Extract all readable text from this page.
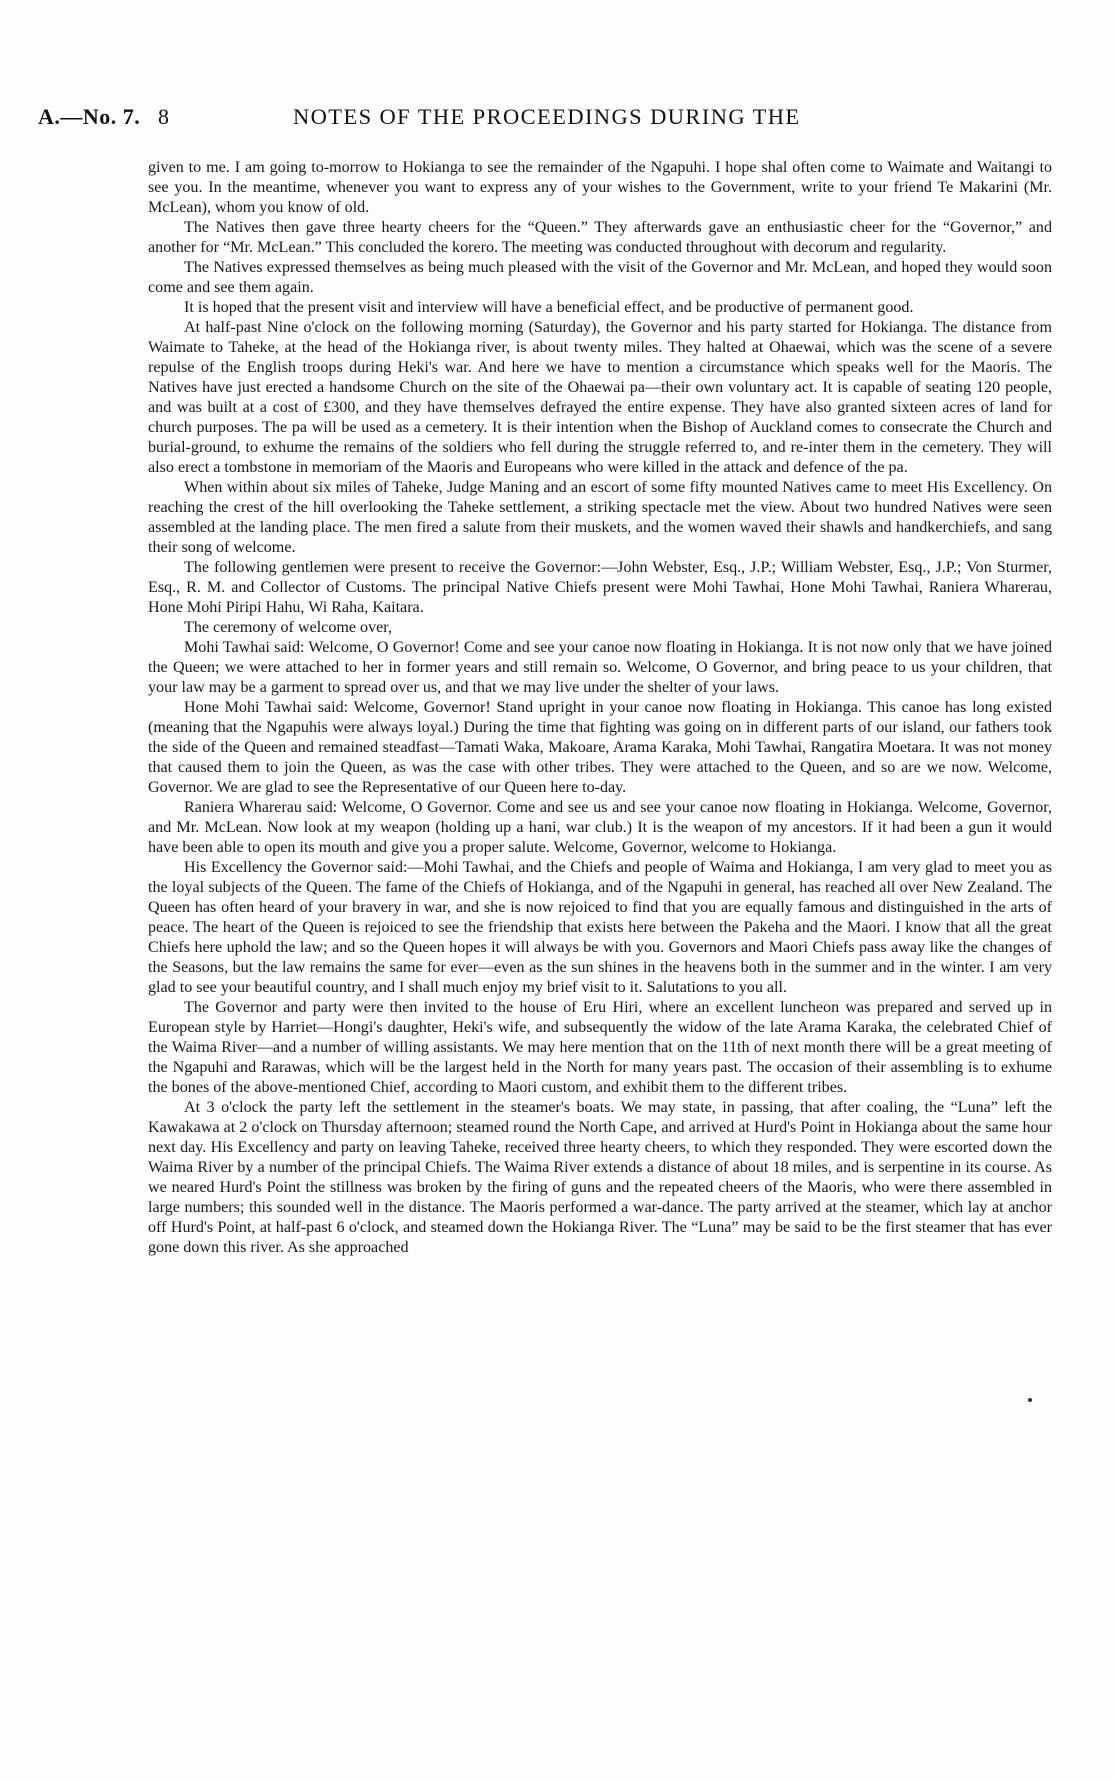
A.—No. 7. 8	NOTES OF THE PROCEEDINGS DURING THE

given to me. I am going to-morrow to Hokianga to see the remainder of the Ngapuhi. I hope shal often come to Waimate and Waitangi to see you. In the meantime, whenever you want to express any of your wishes to the Government, write to your friend Te Makarini (Mr. McLean), whom you know of old.

The Natives then gave three hearty cheers for the “Queen.” They afterwards gave an enthusiastic cheer for the “Governor,” and another for “Mr. McLean.” This concluded the korero. The meeting was conducted throughout with decorum and regularity.

The Natives expressed themselves as being much pleased with the visit of the Governor and Mr. McLean, and hoped they would soon come and see them again.

It is hoped that the present visit and interview will have a beneficial effect, and be productive of permanent good.

At half-past Nine o'clock on the following morning (Saturday), the Governor and his party started for Hokianga. The distance from Waimate to Taheke, at the head of the Hokianga river, is about twenty miles. They halted at Ohaewai, which was the scene of a severe repulse of the English troops during Heki's war. And here we have to mention a circumstance which speaks well for the Maoris. The Natives have just erected a handsome Church on the site of the Ohaewai pa—their own voluntary act. It is capable of seating 120 people, and was built at a cost of £300, and they have themselves defrayed the entire expense. They have also granted sixteen acres of land for church purposes. The pa will be used as a cemetery. It is their intention when the Bishop of Auckland comes to consecrate the Church and burial-ground, to exhume the remains of the soldiers who fell during the struggle referred to, and re-inter them in the cemetery. They will also erect a tombstone in memoriam of the Maoris and Europeans who were killed in the attack and defence of the pa.

When within about six miles of Taheke, Judge Maning and an escort of some fifty mounted Natives came to meet His Excellency. On reaching the crest of the hill overlooking the Taheke settlement, a striking spectacle met the view. About two hundred Natives were seen assembled at the landing place. The men fired a salute from their muskets, and the women waved their shawls and handkerchiefs, and sang their song of welcome.

The following gentlemen were present to receive the Governor:—John Webster, Esq., J.P.; William Webster, Esq., J.P.; Von Sturmer, Esq., R. M. and Collector of Customs. The principal Native Chiefs present were Mohi Tawhai, Hone Mohi Tawhai, Raniera Wharerau, Hone Mohi Piripi Hahu, Wi Raha, Kaitara.

The ceremony of welcome over,

Mohi Tawhai said: Welcome, O Governor! Come and see your canoe now floating in Hokianga. It is not now only that we have joined the Queen; we were attached to her in former years and still remain so. Welcome, O Governor, and bring peace to us your children, that your law may be a garment to spread over us, and that we may live under the shelter of your laws.

Hone Mohi Tawhai said: Welcome, Governor! Stand upright in your canoe now floating in Hokianga. This canoe has long existed (meaning that the Ngapuhis were always loyal.) During the time that fighting was going on in different parts of our island, our fathers took the side of the Queen and remained steadfast—Tamati Waka, Makoare, Arama Karaka, Mohi Tawhai, Rangatira Moetara. It was not money that caused them to join the Queen, as was the case with other tribes. They were attached to the Queen, and so are we now. Welcome, Governor. We are glad to see the Representative of our Queen here to-day.

Raniera Wharerau said: Welcome, O Governor. Come and see us and see your canoe now floating in Hokianga. Welcome, Governor, and Mr. McLean. Now look at my weapon (holding up a hani, war club.) It is the weapon of my ancestors. If it had been a gun it would have been able to open its mouth and give you a proper salute. Welcome, Governor, welcome to Hokianga.

His Excellency the Governor said:—Mohi Tawhai, and the Chiefs and people of Waima and Hokianga, I am very glad to meet you as the loyal subjects of the Queen. The fame of the Chiefs of Hokianga, and of the Ngapuhi in general, has reached all over New Zealand. The Queen has often heard of your bravery in war, and she is now rejoiced to find that you are equally famous and distinguished in the arts of peace. The heart of the Queen is rejoiced to see the friendship that exists here between the Pakeha and the Maori. I know that all the great Chiefs here uphold the law; and so the Queen hopes it will always be with you. Governors and Maori Chiefs pass away like the changes of the Seasons, but the law remains the same for ever—even as the sun shines in the heavens both in the summer and in the winter. I am very glad to see your beautiful country, and I shall much enjoy my brief visit to it. Salutations to you all.

The Governor and party were then invited to the house of Eru Hiri, where an excellent luncheon was prepared and served up in European style by Harriet—Hongi's daughter, Heki's wife, and subsequently the widow of the late Arama Karaka, the celebrated Chief of the Waima River—and a number of willing assistants. We may here mention that on the 11th of next month there will be a great meeting of the Ngapuhi and Rarawas, which will be the largest held in the North for many years past. The occasion of their assembling is to exhume the bones of the above-mentioned Chief, according to Maori custom, and exhibit them to the different tribes.

At 3 o'clock the party left the settlement in the steamer's boats. We may state, in passing, that after coaling, the “Luna” left the Kawakawa at 2 o'clock on Thursday afternoon; steamed round the North Cape, and arrived at Hurd's Point in Hokianga about the same hour next day. His Excellency and party on leaving Taheke, received three hearty cheers, to which they responded. They were escorted down the Waima River by a number of the principal Chiefs. The Waima River extends a distance of about 18 miles, and is serpentine in its course. As we neared Hurd's Point the stillness was broken by the firing of guns and the repeated cheers of the Maoris, who were there assembled in large numbers; this sounded well in the distance. The Maoris performed a war-dance. The party arrived at the steamer, which lay at anchor off Hurd's Point, at half-past 6 o'clock, and steamed down the Hokianga River. The “Luna” may be said to be the first steamer that has ever gone down this river. As she approached
